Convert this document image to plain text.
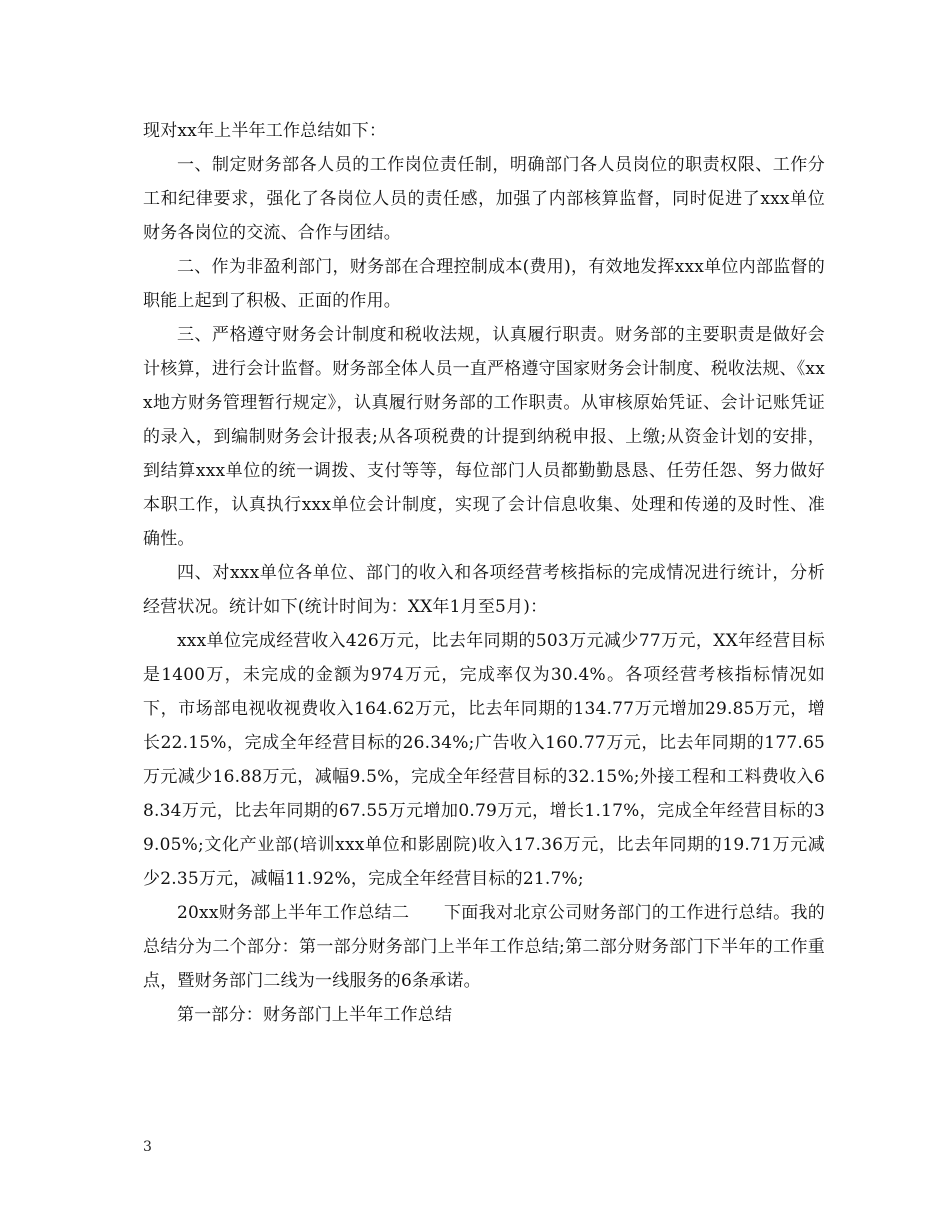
现对xx年上半年工作总结如下：

一、制定财务部各人员的工作岗位责任制，明确部门各人员岗位的职责权限、工作分工和纪律要求，强化了各岗位人员的责任感，加强了内部核算监督，同时促进了xxx单位财务各岗位的交流、合作与团结。

二、作为非盈利部门，财务部在合理控制成本(费用)，有效地发挥xxx单位内部监督的职能上起到了积极、正面的作用。

三、严格遵守财务会计制度和税收法规，认真履行职责。财务部的主要职责是做好会计核算，进行会计监督。财务部全体人员一直严格遵守国家财务会计制度、税收法规、《xxx地方财务管理暂行规定》，认真履行财务部的工作职责。从审核原始凭证、会计记账凭证的录入，到编制财务会计报表;从各项税费的计提到纳税申报、上缴;从资金计划的安排，到结算xxx单位的统一调拨、支付等等，每位部门人员都勤勤恳恳、任劳任怨、努力做好本职工作，认真执行xxx单位会计制度，实现了会计信息收集、处理和传递的及时性、准确性。

四、对xxx单位各单位、部门的收入和各项经营考核指标的完成情况进行统计，分析经营状况。统计如下(统计时间为：XX年1月至5月)：

xxx单位完成经营收入426万元，比去年同期的503万元减少77万元，XX年经营目标是1400万，未完成的金额为974万元，完成率仅为30.4%。各项经营考核指标情况如下，市场部电视收视费收入164.62万元，比去年同期的134.77万元增加29.85万元，增长22.15%，完成全年经营目标的26.34%;广告收入160.77万元，比去年同期的177.65万元减少16.88万元，减幅9.5%，完成全年经营目标的32.15%;外接工程和工料费收入68.34万元，比去年同期的67.55万元增加0.79万元，增长1.17%，完成全年经营目标的39.05%;文化产业部(培训xxx单位和影剧院)收入17.36万元，比去年同期的19.71万元减少2.35万元，减幅11.92%，完成全年经营目标的21.7%;

20xx财务部上半年工作总结二　　下面我对北京公司财务部门的工作进行总结。我的总结分为二个部分：第一部分财务部门上半年工作总结;第二部分财务部门下半年的工作重点，暨财务部门二线为一线服务的6条承诺。

第一部分：财务部门上半年工作总结

3
